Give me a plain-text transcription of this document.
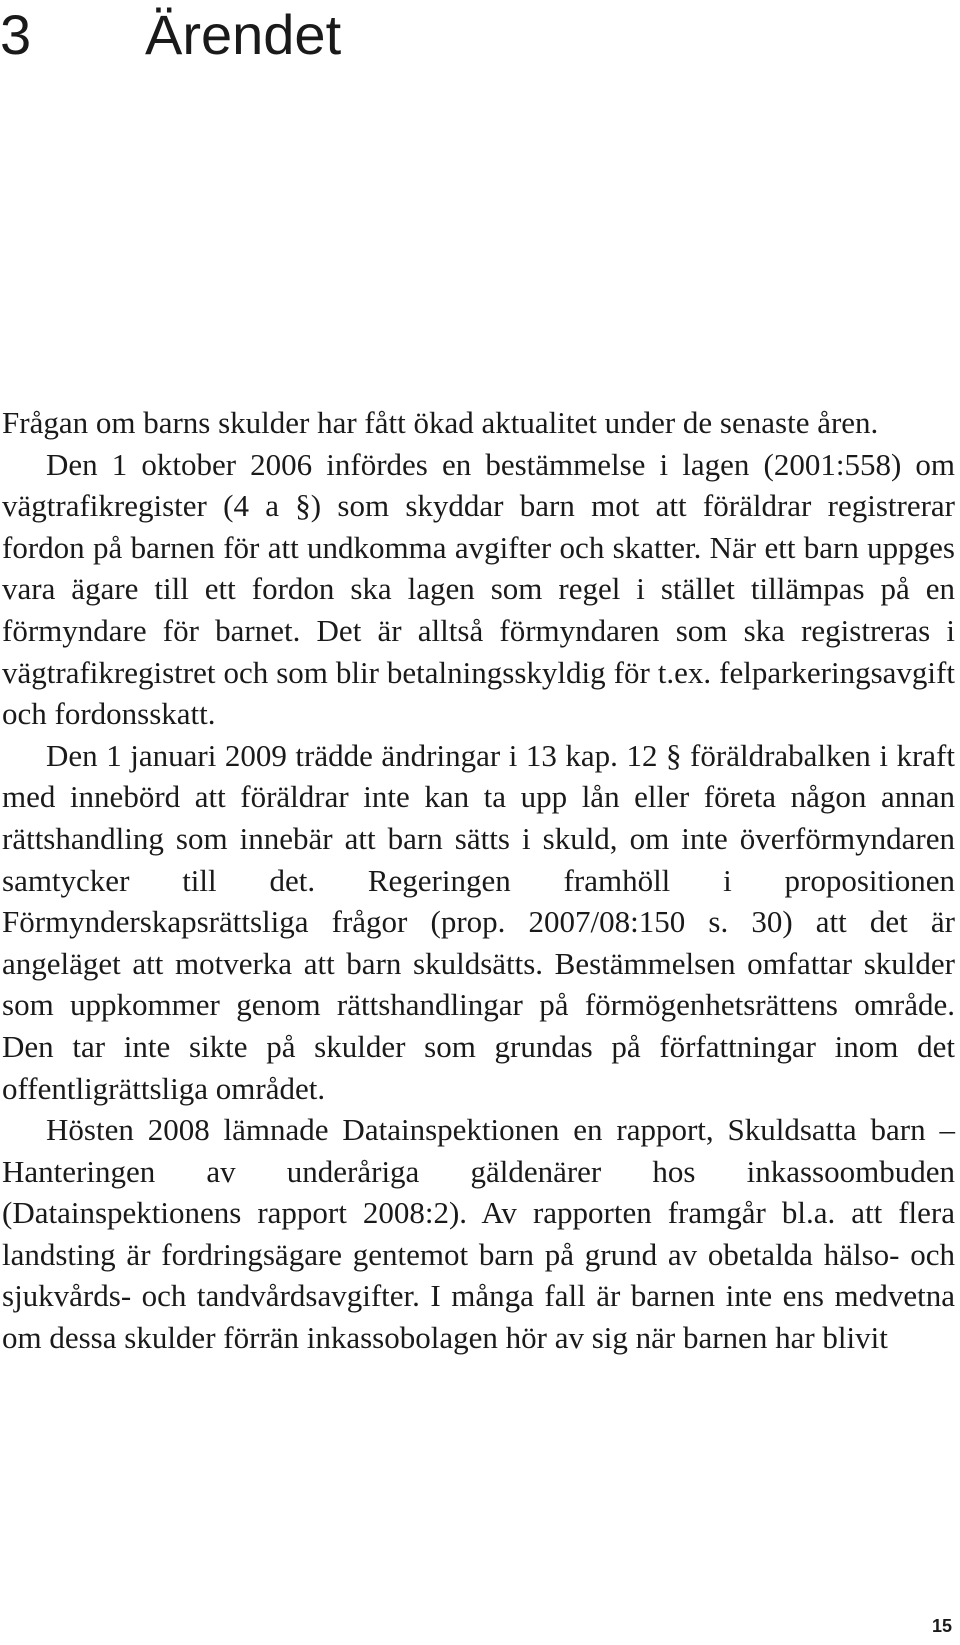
3 Ärendet

Frågan om barns skulder har fått ökad aktualitet under de senaste åren.

Den 1 oktober 2006 infördes en bestämmelse i lagen (2001:558) om vägtrafikregister (4 a §) som skyddar barn mot att föräldrar registrerar fordon på barnen för att undkomma avgifter och skatter. När ett barn uppges vara ägare till ett fordon ska lagen som regel i stället tillämpas på en förmyndare för barnet. Det är alltså förmyndaren som ska registreras i vägtrafikregistret och som blir betalningsskyldig för t.ex. felparkeringsavgift och fordonsskatt.

Den 1 januari 2009 trädde ändringar i 13 kap. 12 § föräldrabalken i kraft med innebörd att föräldrar inte kan ta upp lån eller företa någon annan rättshandling som innebär att barn sätts i skuld, om inte överförmyndaren samtycker till det. Regeringen framhöll i propositionen Förmynderskapsrättsliga frågor (prop. 2007/08:150 s. 30) att det är angeläget att motverka att barn skuldsätts. Bestämmelsen omfattar skulder som uppkommer genom rättshandlingar på förmögenhetsrättens område. Den tar inte sikte på skulder som grundas på författningar inom det offentligrättsliga området.

Hösten 2008 lämnade Datainspektionen en rapport, Skuldsatta barn – Hanteringen av underåriga gäldenärer hos inkassoombuden (Datainspektionens rapport 2008:2). Av rapporten framgår bl.a. att flera landsting är fordringsägare gentemot barn på grund av obetalda hälso- och sjukvårds- och tandvårdsavgifter. I många fall är barnen inte ens medvetna om dessa skulder förrän inkassobolagen hör av sig när barnen har blivit

15
